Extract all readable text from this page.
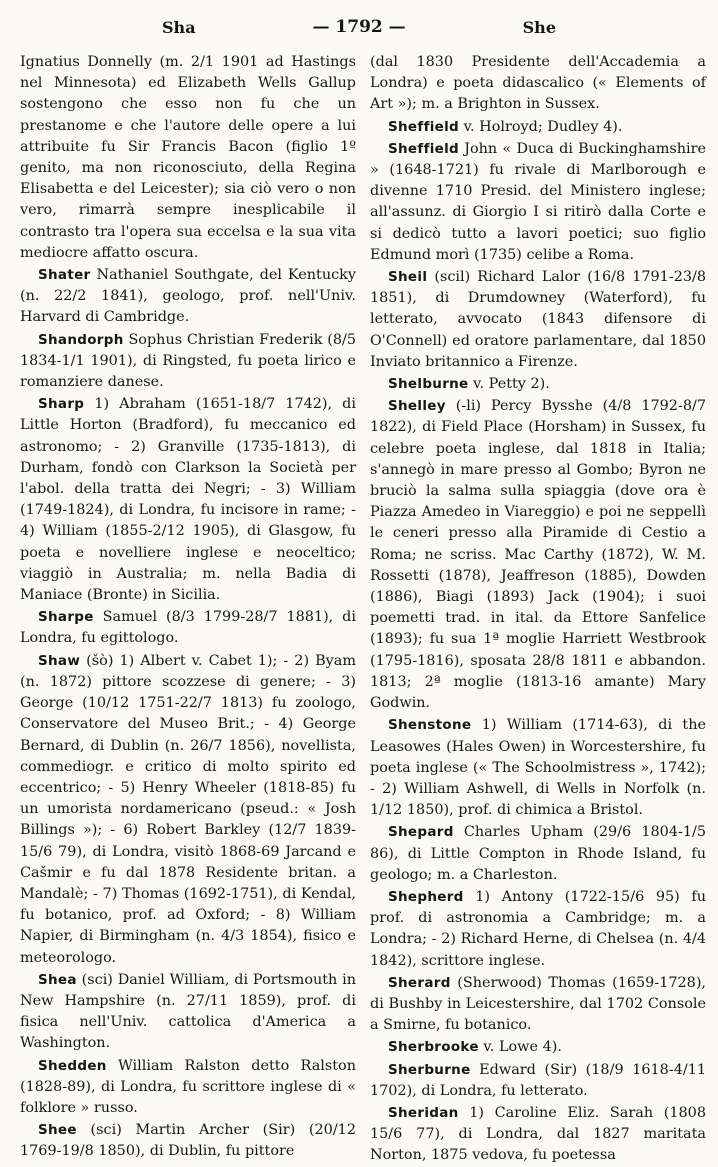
Sha	— 1792 —	She

Ignatius Donnelly (m. 2/1 1901 ad Hastings nel Minnesota) ed Elizabeth Wells Gallup sostengono che esso non fu che un prestanome e che l'autore delle opere a lui attribuite fu Sir Francis Bacon (figlio 1º genito, ma non riconosciuto, della Regina Elisabetta e del Leicester); sia ciò vero o non vero, rimarrà sempre inesplicabile il contrasto tra l'opera sua eccelsa e la sua vita mediocre affatto oscura.

Shater Nathaniel Southgate, del Kentucky (n. 22/2 1841), geologo, prof. nell'Univ. Harvard di Cambridge.

Shandorph Sophus Christian Frederik (8/5 1834-1/1 1901), di Ringsted, fu poeta lirico e romanziere danese.

Sharp 1) Abraham (1651-18/7 1742), di Little Horton (Bradford), fu meccanico ed astronomo; - 2) Granville (1735-1813), di Durham, fondò con Clarkson la Società per l'abol. della tratta dei Negri; - 3) William (1749-1824), di Londra, fu incisore in rame; - 4) William (1855-2/12 1905), di Glasgow, fu poeta e novelliere inglese e neoceltico; viaggiò in Australia; m. nella Badia di Maniace (Bronte) in Sicilia.

Sharpe Samuel (8/3 1799-28/7 1881), di Londra, fu egittologo.

Shaw (šò) 1) Albert v. Cabet 1); - 2) Byam (n. 1872) pittore scozzese di genere; - 3) George (10/12 1751-22/7 1813) fu zoologo, Conservatore del Museo Brit.; - 4) George Bernard, di Dublin (n. 26/7 1856), novellista, commediogr. e critico di molto spirito ed eccentrico; - 5) Henry Wheeler (1818-85) fu un umorista nordamericano (pseud.: « Josh Billings »); - 6) Robert Barkley (12/7 1839-15/6 79), di Londra, visitò 1868-69 Jarcand e Cašmir e fu dal 1878 Residente britan. a Mandalè; - 7) Thomas (1692-1751), di Kendal, fu botanico, prof. ad Oxford; - 8) William Napier, di Birmingham (n. 4/3 1854), fisico e meteorologo.

Shea (sci) Daniel William, di Portsmouth in New Hampshire (n. 27/11 1859), prof. di fisica nell'Univ. cattolica d'America a Washington.

Shedden William Ralston detto Ralston (1828-89), di Londra, fu scrittore inglese di « folklore » russo.

Shee (sci) Martin Archer (Sir) (20/12 1769-19/8 1850), di Dublin, fu pittore

(dal 1830 Presidente dell'Accademia a Londra) e poeta didascalico (« Elements of Art »); m. a Brighton in Sussex.

Sheffield v. Holroyd; Dudley 4).

Sheffield John « Duca di Buckinghamshire » (1648-1721) fu rivale di Marlborough e divenne 1710 Presid. del Ministero inglese; all'assunz. di Giorgio I si ritirò dalla Corte e si dedicò tutto a lavori poetici; suo figlio Edmund morì (1735) celibe a Roma.

Sheil (scil) Richard Lalor (16/8 1791-23/8 1851), di Drumdowney (Waterford), fu letterato, avvocato (1843 difensore di O'Connell) ed oratore parlamentare, dal 1850 Inviato britannico a Firenze.

Shelburne v. Petty 2).

Shelley (-li) Percy Bysshe (4/8 1792-8/7 1822), di Field Place (Horsham) in Sussex, fu celebre poeta inglese, dal 1818 in Italia; s'annegò in mare presso al Gombo; Byron ne bruciò la salma sulla spiaggia (dove ora è Piazza Amedeo in Viareggio) e poi ne seppellì le ceneri presso alla Piramide di Cestio a Roma; ne scriss. Mac Carthy (1872), W. M. Rossetti (1878), Jeaffreson (1885), Dowden (1886), Biagi (1893) Jack (1904); i suoi poemetti trad. in ital. da Ettore Sanfelice (1893); fu sua 1ª moglie Harriett Westbrook (1795-1816), sposata 28/8 1811 e abbandon. 1813; 2ª moglie (1813-16 amante) Mary Godwin.

Shenstone 1) William (1714-63), di the Leasowes (Hales Owen) in Worcestershire, fu poeta inglese (« The Schoolmistress », 1742); - 2) William Ashwell, di Wells in Norfolk (n. 1/12 1850), prof. di chimica a Bristol.

Shepard Charles Upham (29/6 1804-1/5 86), di Little Compton in Rhode Island, fu geologo; m. a Charleston.

Shepherd 1) Antony (1722-15/6 95) fu prof. di astronomia a Cambridge; m. a Londra; - 2) Richard Herne, di Chelsea (n. 4/4 1842), scrittore inglese.

Sherard (Sherwood) Thomas (1659-1728), di Bushby in Leicestershire, dal 1702 Console a Smirne, fu botanico.

Sherbrooke v. Lowe 4).

Sherburne Edward (Sir) (18/9 1618-4/11 1702), di Londra, fu letterato.

Sheridan 1) Caroline Eliz. Sarah (1808 15/6 77), di Londra, dal 1827 maritata Norton, 1875 vedova, fu poetessa
